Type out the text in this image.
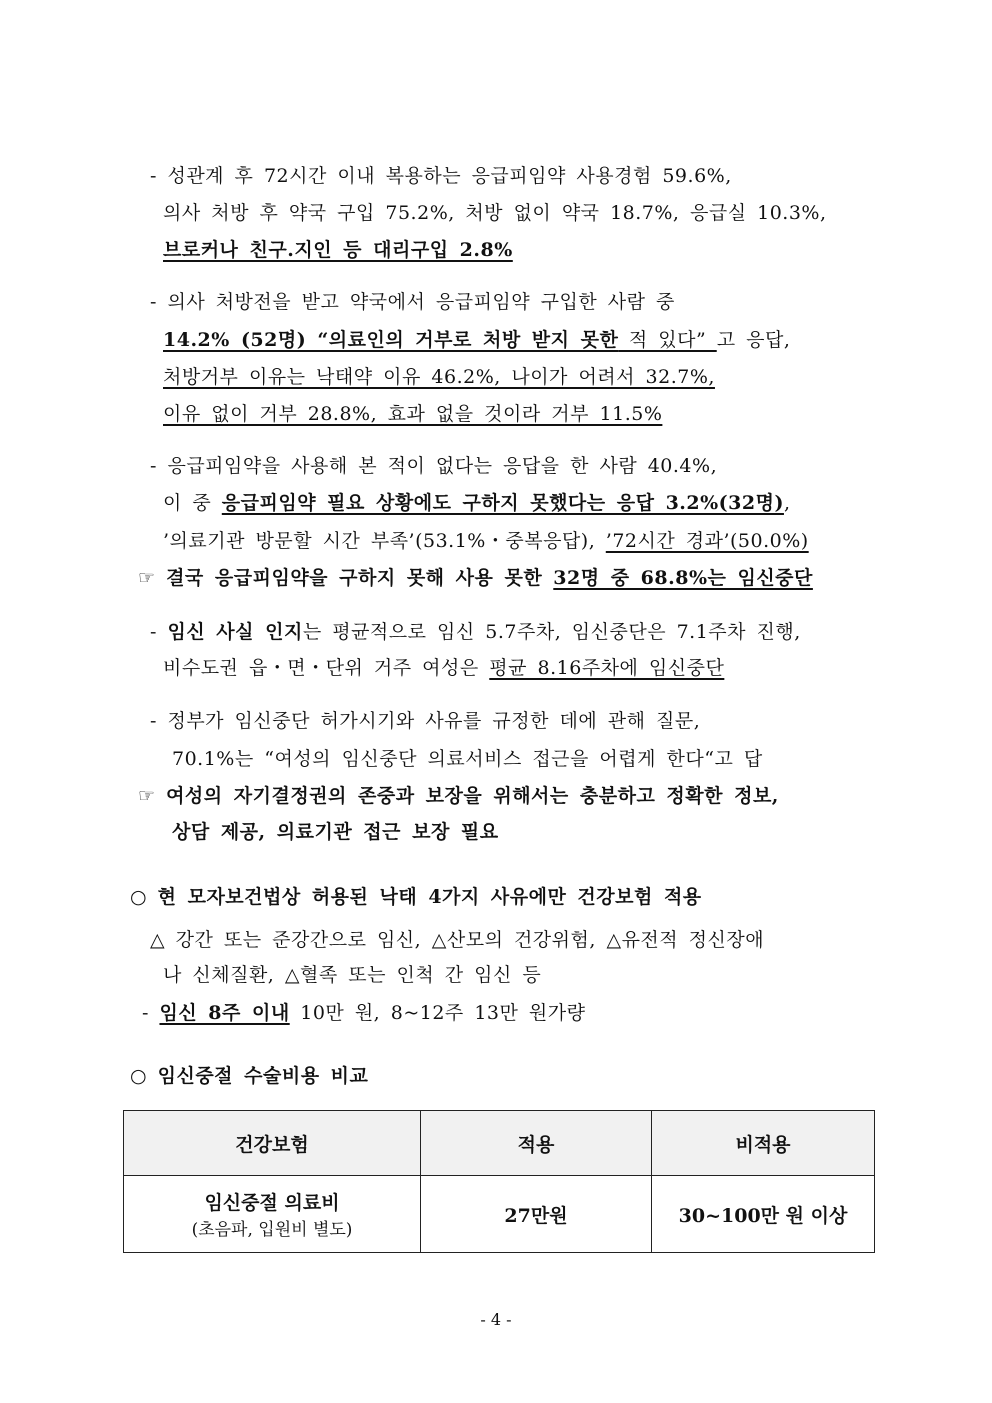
- 성관계 후 72시간 이내 복용하는 응급피임약 사용경험 59.6%,
의사 처방 후 약국 구입 75.2%, 처방 없이 약국 18.7%, 응급실 10.3%,
브로커나 친구.지인 등 대리구입 2.8%
- 의사 처방전을 받고 약국에서 응급피임약 구입한 사람 중
14.2% (52명) “의료인의 거부로 처방 받지 못한 적 있다” 고 응답,
처방거부 이유는 낙태약 이유 46.2%, 나이가 어려서 32.7%,
이유 없이 거부 28.8%, 효과 없을 것이라 거부 11.5%
- 응급피임약을 사용해 본 적이 없다는 응답을 한 사람 40.4%,
이 중 응급피임약 필요 상황에도 구하지 못했다는 응답 3.2%(32명),
’의료기관 방문할 시간 부족’(53.1%・중복응답), ’72시간 경과’(50.0%)
☞ 결국 응급피임약을 구하지 못해 사용 못한 32명 중 68.8%는 임신중단
- 임신 사실 인지는 평균적으로 임신 5.7주차, 임신중단은 7.1주차 진행,
비수도권 읍・면・단위 거주 여성은 평균 8.16주차에 임신중단
- 정부가 임신중단 허가시기와 사유를 규정한 데에 관해 질문,
70.1%는 “여성의 임신중단 의료서비스 접근을 어렵게 한다“고 답
☞ 여성의 자기결정권의 존중과 보장을 위해서는 충분하고 정확한 정보,
상담 제공, 의료기관 접근 보장 필요
○ 현 모자보건법상 허용된 낙태 4가지 사유에만 건강보험 적용
△ 강간 또는 준강간으로 임신, △산모의 건강위험, △유전적 정신장애
나 신체질환, △혈족 또는 인척 간 임신 등
- 임신 8주 이내 10만 원, 8~12주 13만 원가량
○ 임신중절 수술비용 비교
건강보험	적용	비적용
임신중절 의료비
(초음파, 입원비 별도)	27만원	30~100만 원 이상
- 4 -
